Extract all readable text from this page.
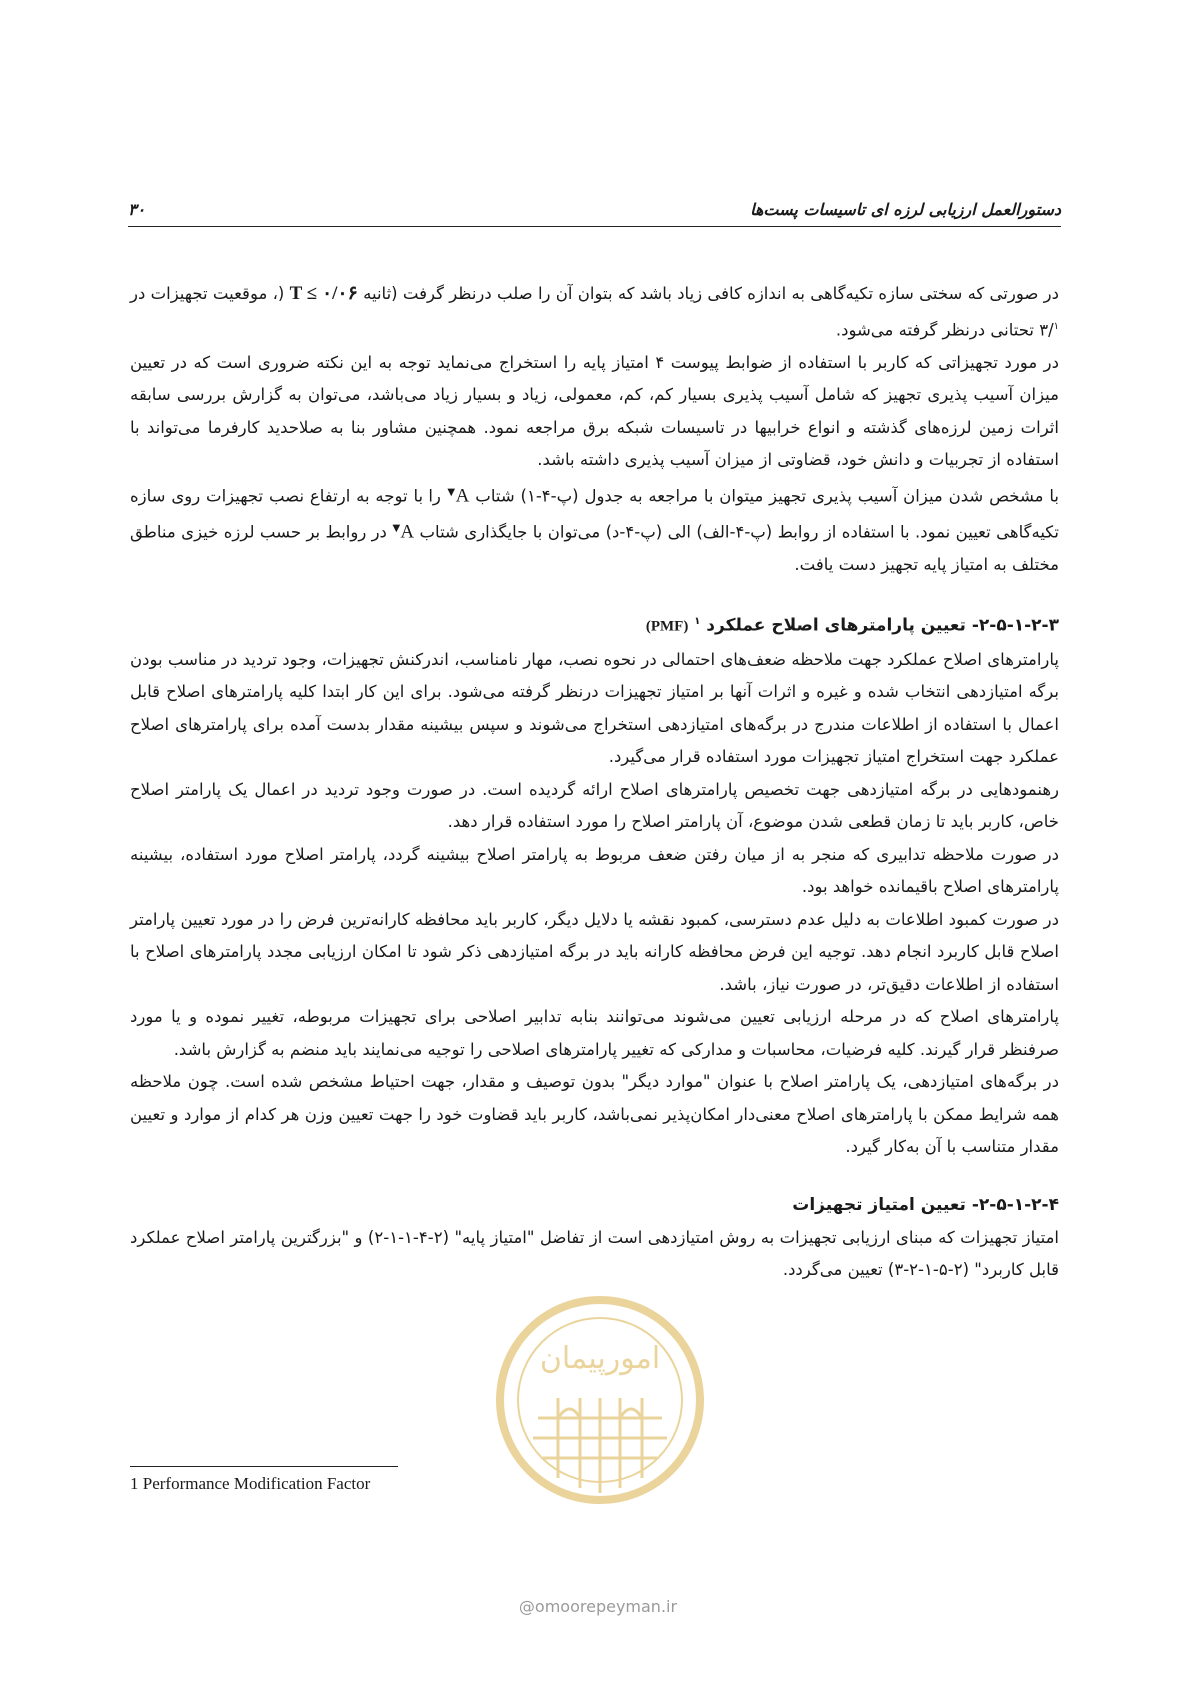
دستورالعمل ارزیابی لرزه ای تاسیسات پست‌ها
۳۰

در صورتی که سختی سازه تکیه‌گاهی به اندازه کافی زیاد باشد که بتوان آن را صلب درنظر گرفت (ثانیه T ≤ ۰/۰۶ (، موقعیت تجهیزات در ۳/$^۱$ تحتانی درنظر گرفته می‌شود.

در مورد تجهیزاتی که کاربر با استفاده از ضوابط پیوست ۴ امتیاز پایه را استخراج می‌نماید توجه به این نکته ضروری است که در تعیین میزان آسیب پذیری تجهیز که شامل آسیب پذیری بسیار کم، کم، معمولی، زیاد و بسیار زیاد می‌باشد، می‌توان به گزارش بررسی سابقه اثرات زمین لرزه‌های گذشته و انواع خرابیها در تاسیسات شبکه برق مراجعه نمود. همچنین مشاور بنا به صلاحدید کارفرما می‌تواند با استفاده از تجربیات و دانش خود، قضاوتی از میزان آسیب پذیری داشته باشد.

با مشخص شدن میزان آسیب پذیری تجهیز میتوان با مراجعه به جدول (پ-۴-۱) شتاب A▼ را با توجه به ارتفاع نصب تجهیزات روی سازه تکیه‌گاهی تعیین نمود. با استفاده از روابط (پ-۴-الف) الی (پ-۴-د) می‌توان با جایگذاری شتاب A▼ در روابط بر حسب لرزه خیزی مناطق مختلف به امتیاز پایه تجهیز دست یافت.

۲-۵-۱-۲-۳- تعیین پارامترهای اصلاح عملکرد $^۱$ (PMF)

پارامترهای اصلاح عملکرد جهت ملاحظه ضعف‌های احتمالی در نحوه نصب، مهار نامناسب، اندرکنش تجهیزات، وجود تردید در مناسب بودن برگه امتیازدهی انتخاب شده و غیره و اثرات آنها بر امتیاز تجهیزات درنظر گرفته می‌شود. برای این کار ابتدا کلیه پارامترهای اصلاح قابل اعمال با استفاده از اطلاعات مندرج در برگه‌های امتیازدهی استخراج می‌شوند و سپس بیشینه مقدار بدست آمده برای پارامترهای اصلاح عملکرد جهت استخراج امتیاز تجهیزات مورد استفاده قرار می‌گیرد.

رهنمودهایی در برگه امتیازدهی جهت تخصیص پارامترهای اصلاح ارائه گردیده است. در صورت وجود تردید در اعمال یک پارامتر اصلاح خاص، کاربر باید تا زمان قطعی شدن موضوع، آن پارامتر اصلاح را مورد استفاده قرار دهد.

در صورت ملاحظه تدابیری که منجر به از میان رفتن ضعف مربوط به پارامتر اصلاح بیشینه گردد، پارامتر اصلاح مورد استفاده، بیشینه پارامترهای اصلاح باقیمانده خواهد بود.

در صورت کمبود اطلاعات به دلیل عدم دسترسی، کمبود نقشه یا دلایل دیگر، کاربر باید محافظه کارانه‌ترین فرض را در مورد تعیین پارامتر اصلاح قابل کاربرد انجام دهد. توجیه این فرض محافظه کارانه باید در برگه امتیازدهی ذکر شود تا امکان ارزیابی مجدد پارامترهای اصلاح با استفاده از اطلاعات دقیق‌تر، در صورت نیاز، باشد.

پارامترهای اصلاح که در مرحله ارزیابی تعیین می‌شوند می‌توانند بنابه تدابیر اصلاحی برای تجهیزات مربوطه، تغییر نموده و یا مورد صرفنظر قرار گیرند. کلیه فرضیات، محاسبات و مدارکی که تغییر پارامترهای اصلاحی را توجیه می‌نمایند باید منضم به گزارش باشد.

در برگه‌های امتیازدهی، یک پارامتر اصلاح با عنوان "موارد دیگر" بدون توصیف و مقدار، جهت احتیاط مشخص شده است. چون ملاحظه همه شرایط ممکن با پارامترهای اصلاح معنی‌دار امکان‌پذیر نمی‌باشد، کاربر باید قضاوت خود را جهت تعیین وزن هر کدام از موارد و تعیین مقدار متناسب با آن به‌کار گیرد.

۲-۵-۱-۲-۴- تعیین امتیاز تجهیزات

امتیاز تجهیزات که مبنای ارزیابی تجهیزات به روش امتیازدهی است از تفاضل "امتیاز پایه" (۲-۴-۱-۱-۲) و "بزرگترین پارامتر اصلاح عملکرد قابل کاربرد" (۲-۵-۱-۲-۳) تعیین می‌گردد.

امورپیمان
@omoorepeyman.ir
1 Performance Modification Factor
